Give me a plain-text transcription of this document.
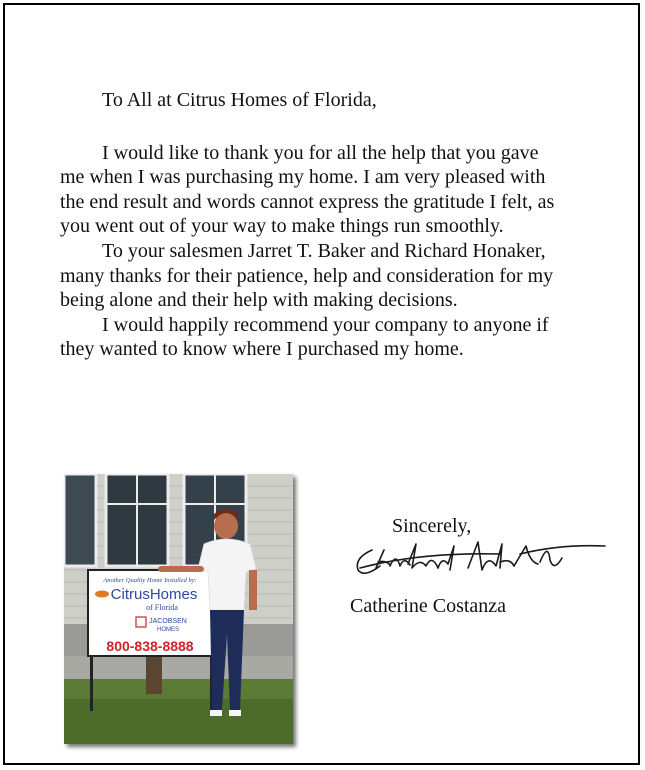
To All at Citrus Homes of Florida,

I would like to thank you for all the help that you gave me when I was purchasing my home. I am very pleased with the end result and words cannot express the gratitude I felt, as you went out of your way to make things run smoothly.

To your salesmen Jarret T. Baker and Richard Honaker, many thanks for their patience, help and consideration for my being alone and their help with making decisions.

I would happily recommend your company to anyone if they wanted to know where I purchased my home.

Another Quality Home Installed by:
CitrusHomes
of Florida
JACOBSEN
HOMES
800-838-8888
Sincerely,
Catherine Costanza
